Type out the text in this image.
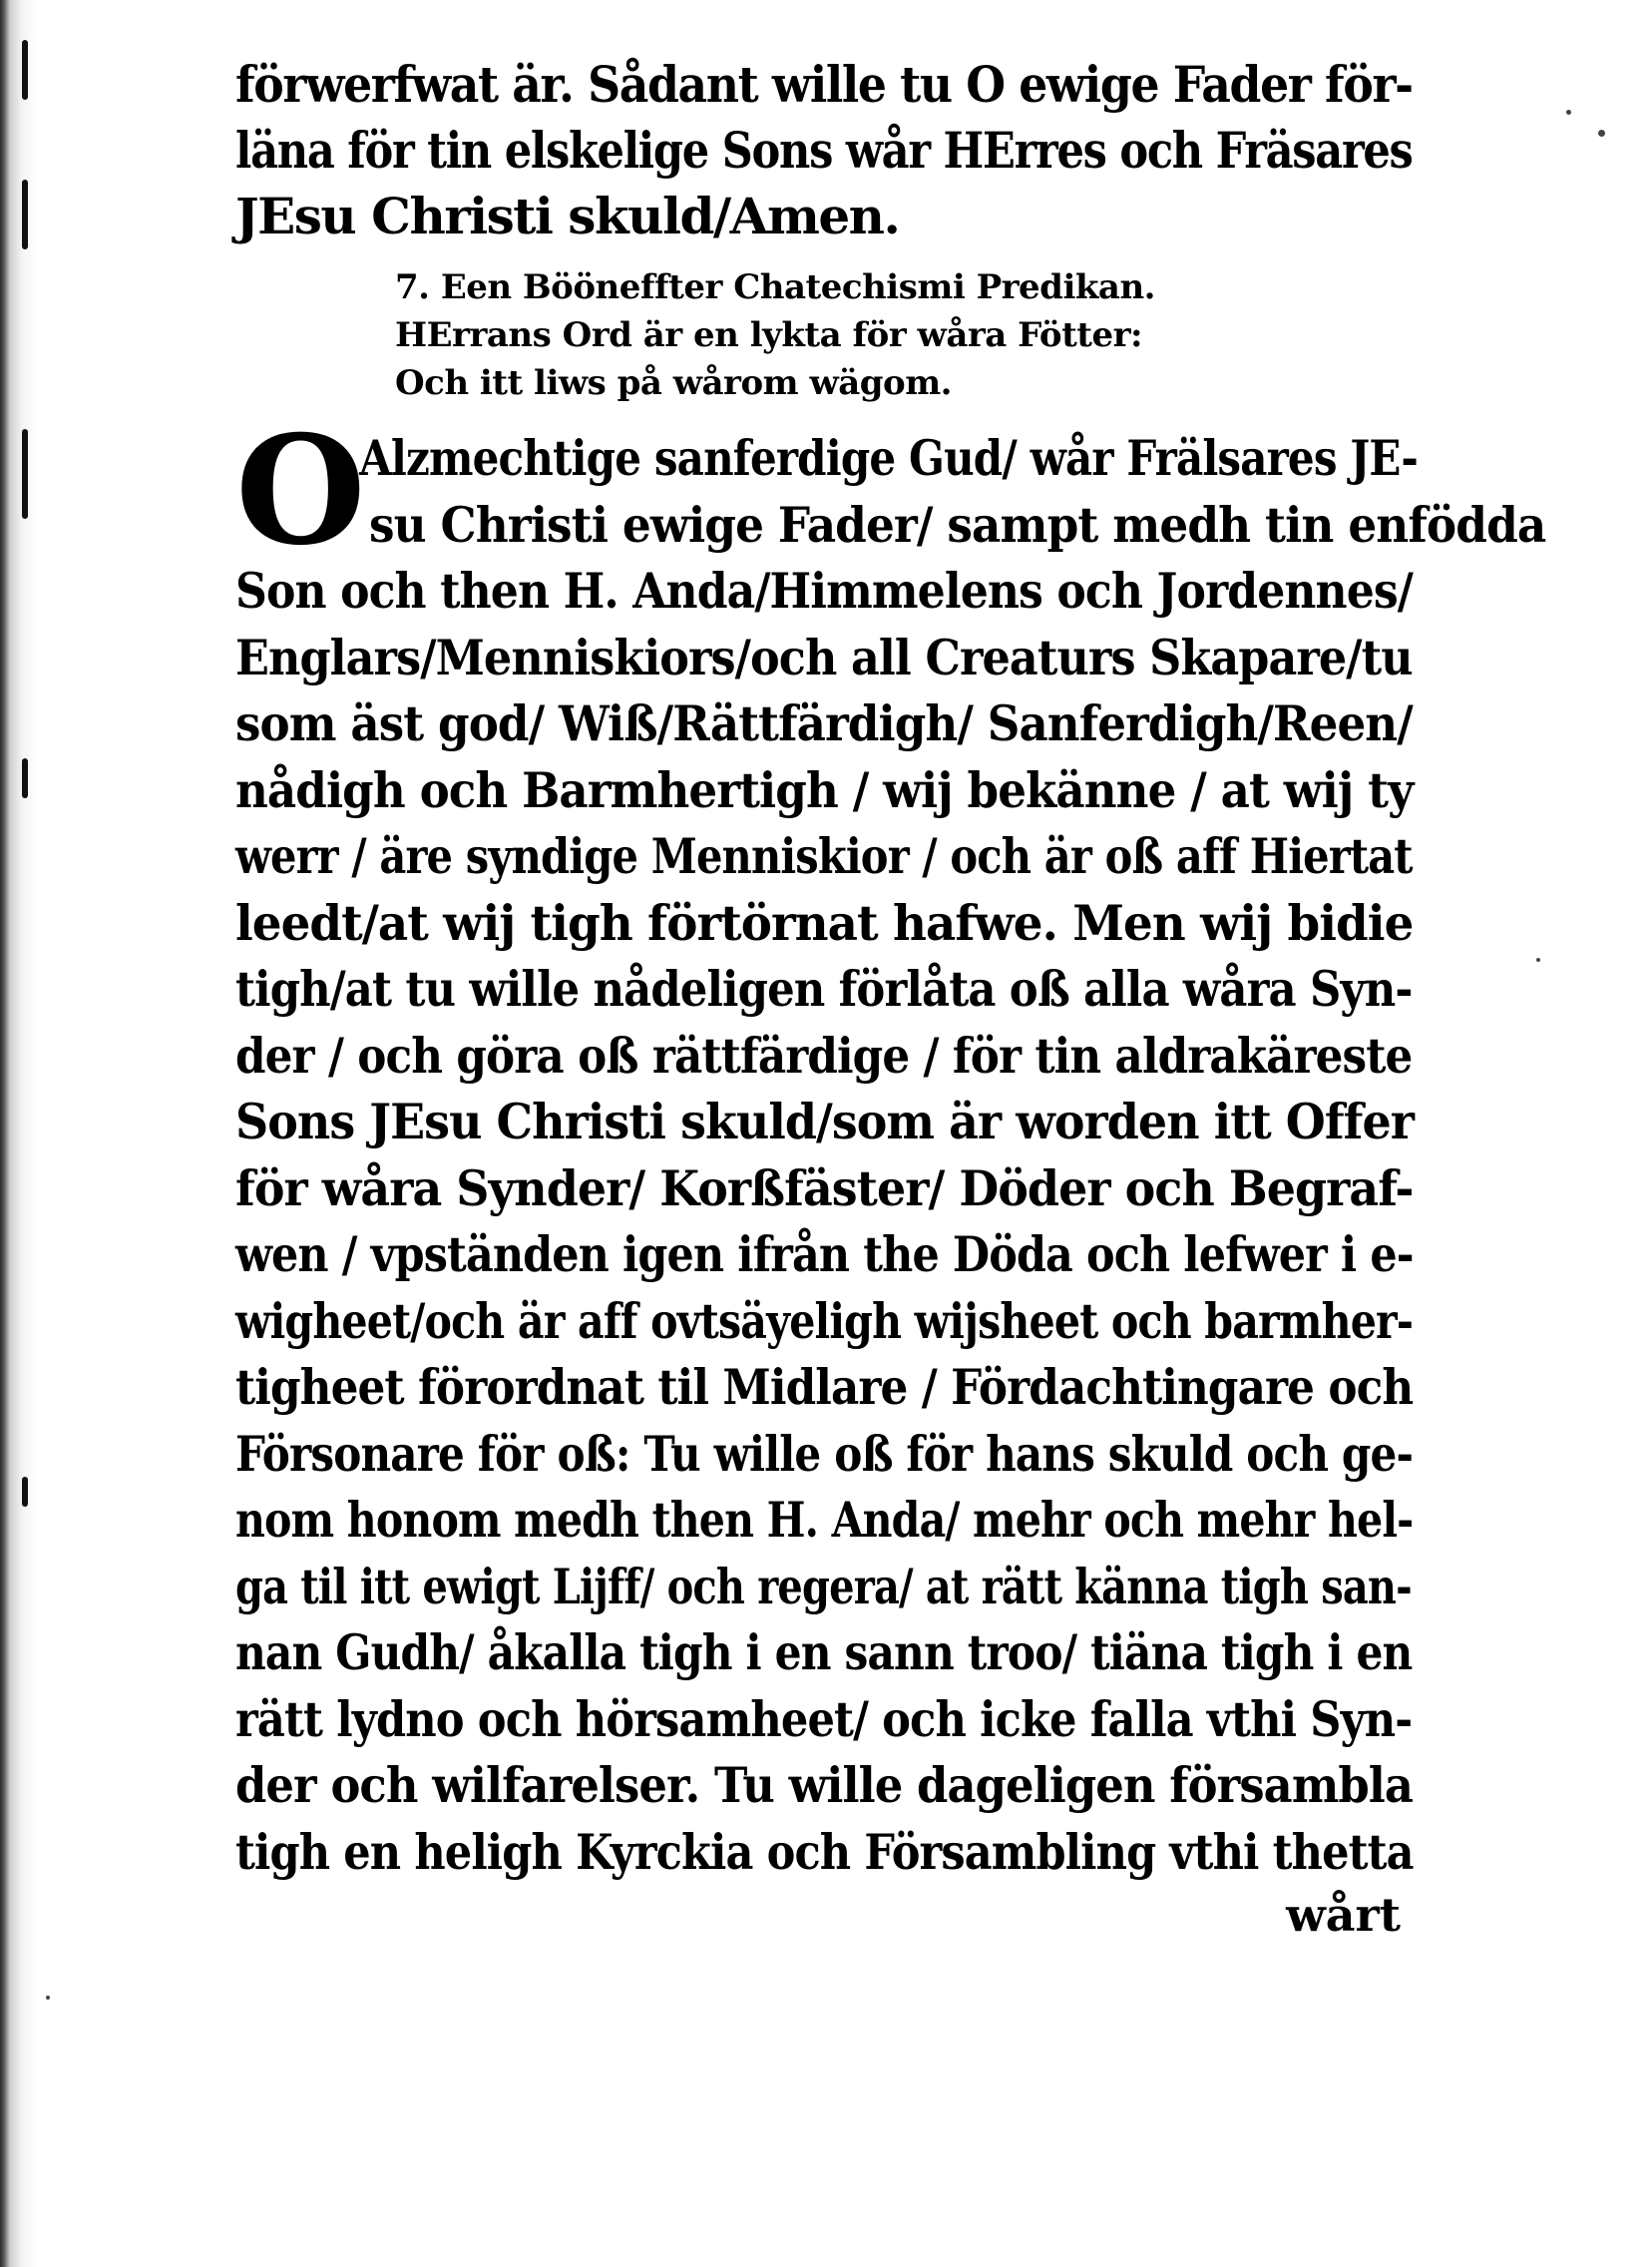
förwerfwat är. Sådant wille tu O ewige Fader för-
läna för tin elskelige Sons wår HErres och Fräsares
JEsu Christi skuld/Amen.
7. Een Bööneffter Chatechismi Predikan.
HErrans Ord är en lykta för wåra Fötter:
Och itt liws på wårom wägom.
O
Alzmechtige sanferdige Gud/ wår Frälsares JE-
su Christi ewige Fader/ sampt medh tin enfödda
Son och then H. Anda/Himmelens och Jordennes/
Englars/Menniskiors/och all Creaturs Skapare/tu
som äst god/ Wiß/Rättfärdigh/ Sanferdigh/Reen/
nådigh och Barmhertigh / wij bekänne / at wij ty
werr / äre syndige Menniskior / och är oß aff Hiertat
leedt/at wij tigh förtörnat hafwe. Men wij bidie
tigh/at tu wille nådeligen förlåta oß alla wåra Syn-
der / och göra oß rättfärdige / för tin aldrakäreste
Sons JEsu Christi skuld/som är worden itt Offer
för wåra Synder/ Korßfäster/ Döder och Begraf-
wen / vpständen igen ifrån the Döda och lefwer i e-
wigheet/och är aff ovtsäyeligh wijsheet och barmher-
tigheet förordnat til Midlare / Fördachtingare och
Försonare för oß: Tu wille oß för hans skuld och ge-
nom honom medh then H. Anda/ mehr och mehr hel-
ga til itt ewigt Lijff/ och regera/ at rätt känna tigh san-
nan Gudh/ åkalla tigh i en sann troo/ tiäna tigh i en
rätt lydno och hörsamheet/ och icke falla vthi Syn-
der och wilfarelser. Tu wille dageligen försambla
tigh en heligh Kyrckia och Försambling vthi thetta
wårt
